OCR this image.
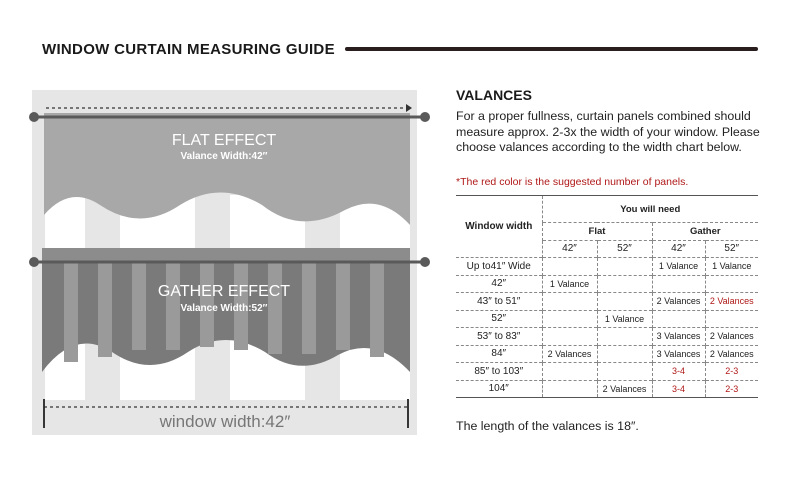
WINDOW CURTAIN MEASURING GUIDE
FLAT EFFECT
Valance Width:42″
GATHER EFFECT
Valance Width:52″
window width:42″
VALANCES
For a proper fullness, curtain panels combined should measure approx. 2-3x the width of your window. Please choose valances according to the width chart below.
*The red color is the suggested number of panels.
Window width	You will need			
	Flat		Gather	
	42″	52″	42″	52″
Up to41″ Wide			1 Valance	1 Valance
42″	1 Valance			
43″ to 51″			2 Valances	2 Valances
52″		1 Valance		
53″ to 83″			3 Valances	2 Valances
84″	2 Valances		3 Valances	2 Valances
85″ to 103″			3-4	2-3
104″		2 Valances	3-4	2-3
The length of the valances is 18″.
